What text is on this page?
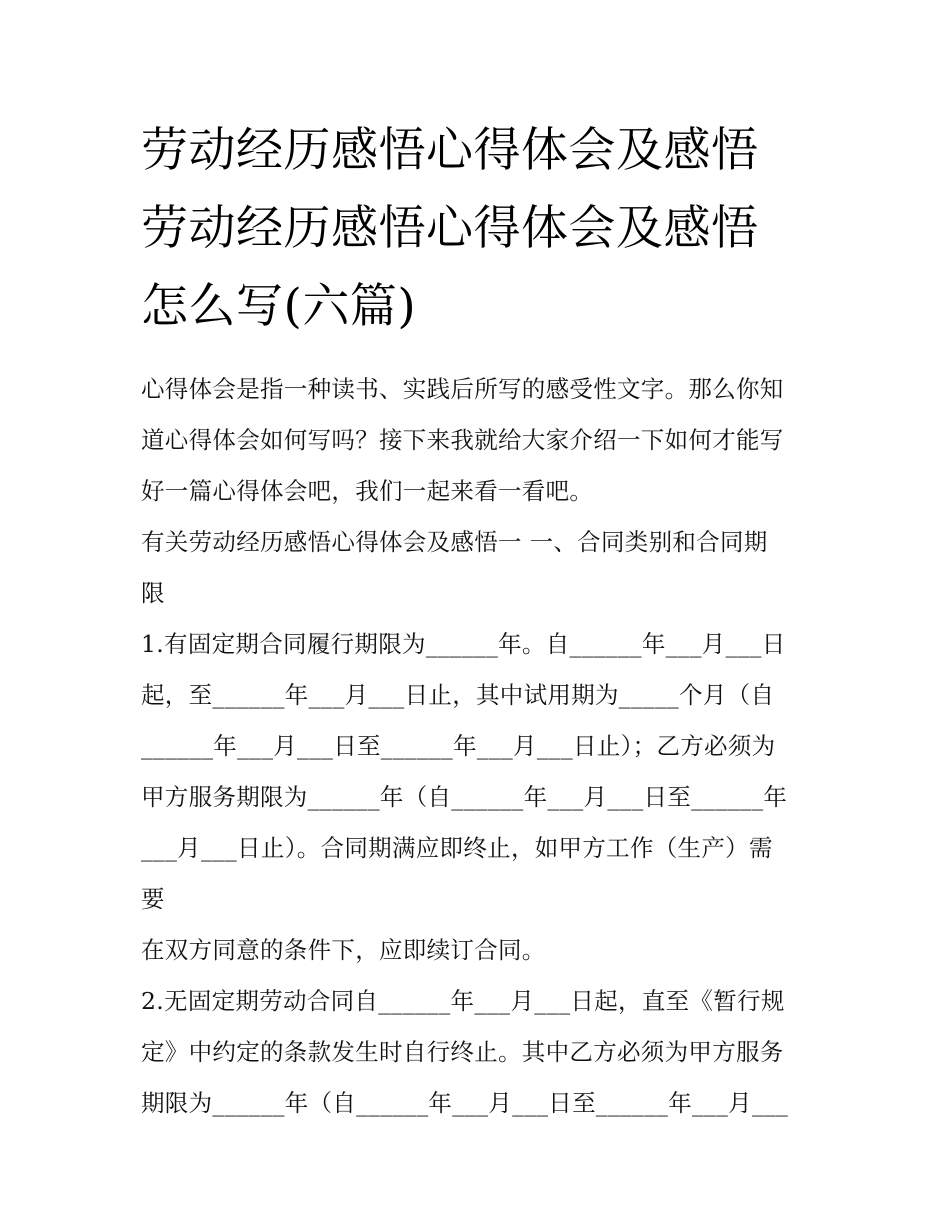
劳动经历感悟心得体会及感悟
劳动经历感悟心得体会及感悟
怎么写(六篇)

心得体会是指一种读书、实践后所写的感受性文字。那么你知
道心得体会如何写吗？接下来我就给大家介绍一下如何才能写
好一篇心得体会吧，我们一起来看一看吧。

有关劳动经历感悟心得体会及感悟一 一、合同类别和合同期
限

1.有固定期合同履行期限为______年。自______年___月___日
起，至______年___月___日止，其中试用期为_____个月（自
______年___月___日至______年___月___日止）；乙方必须为
甲方服务期限为______年（自______年___月___日至______年
___月___日止）。合同期满应即终止，如甲方工作（生产）需
要

在双方同意的条件下，应即续订合同。

2.无固定期劳动合同自______年___月___日起，直至《暂行规
定》中约定的条款发生时自行终止。其中乙方必须为甲方服务
期限为______年（自______年___月___日至______年___月___
